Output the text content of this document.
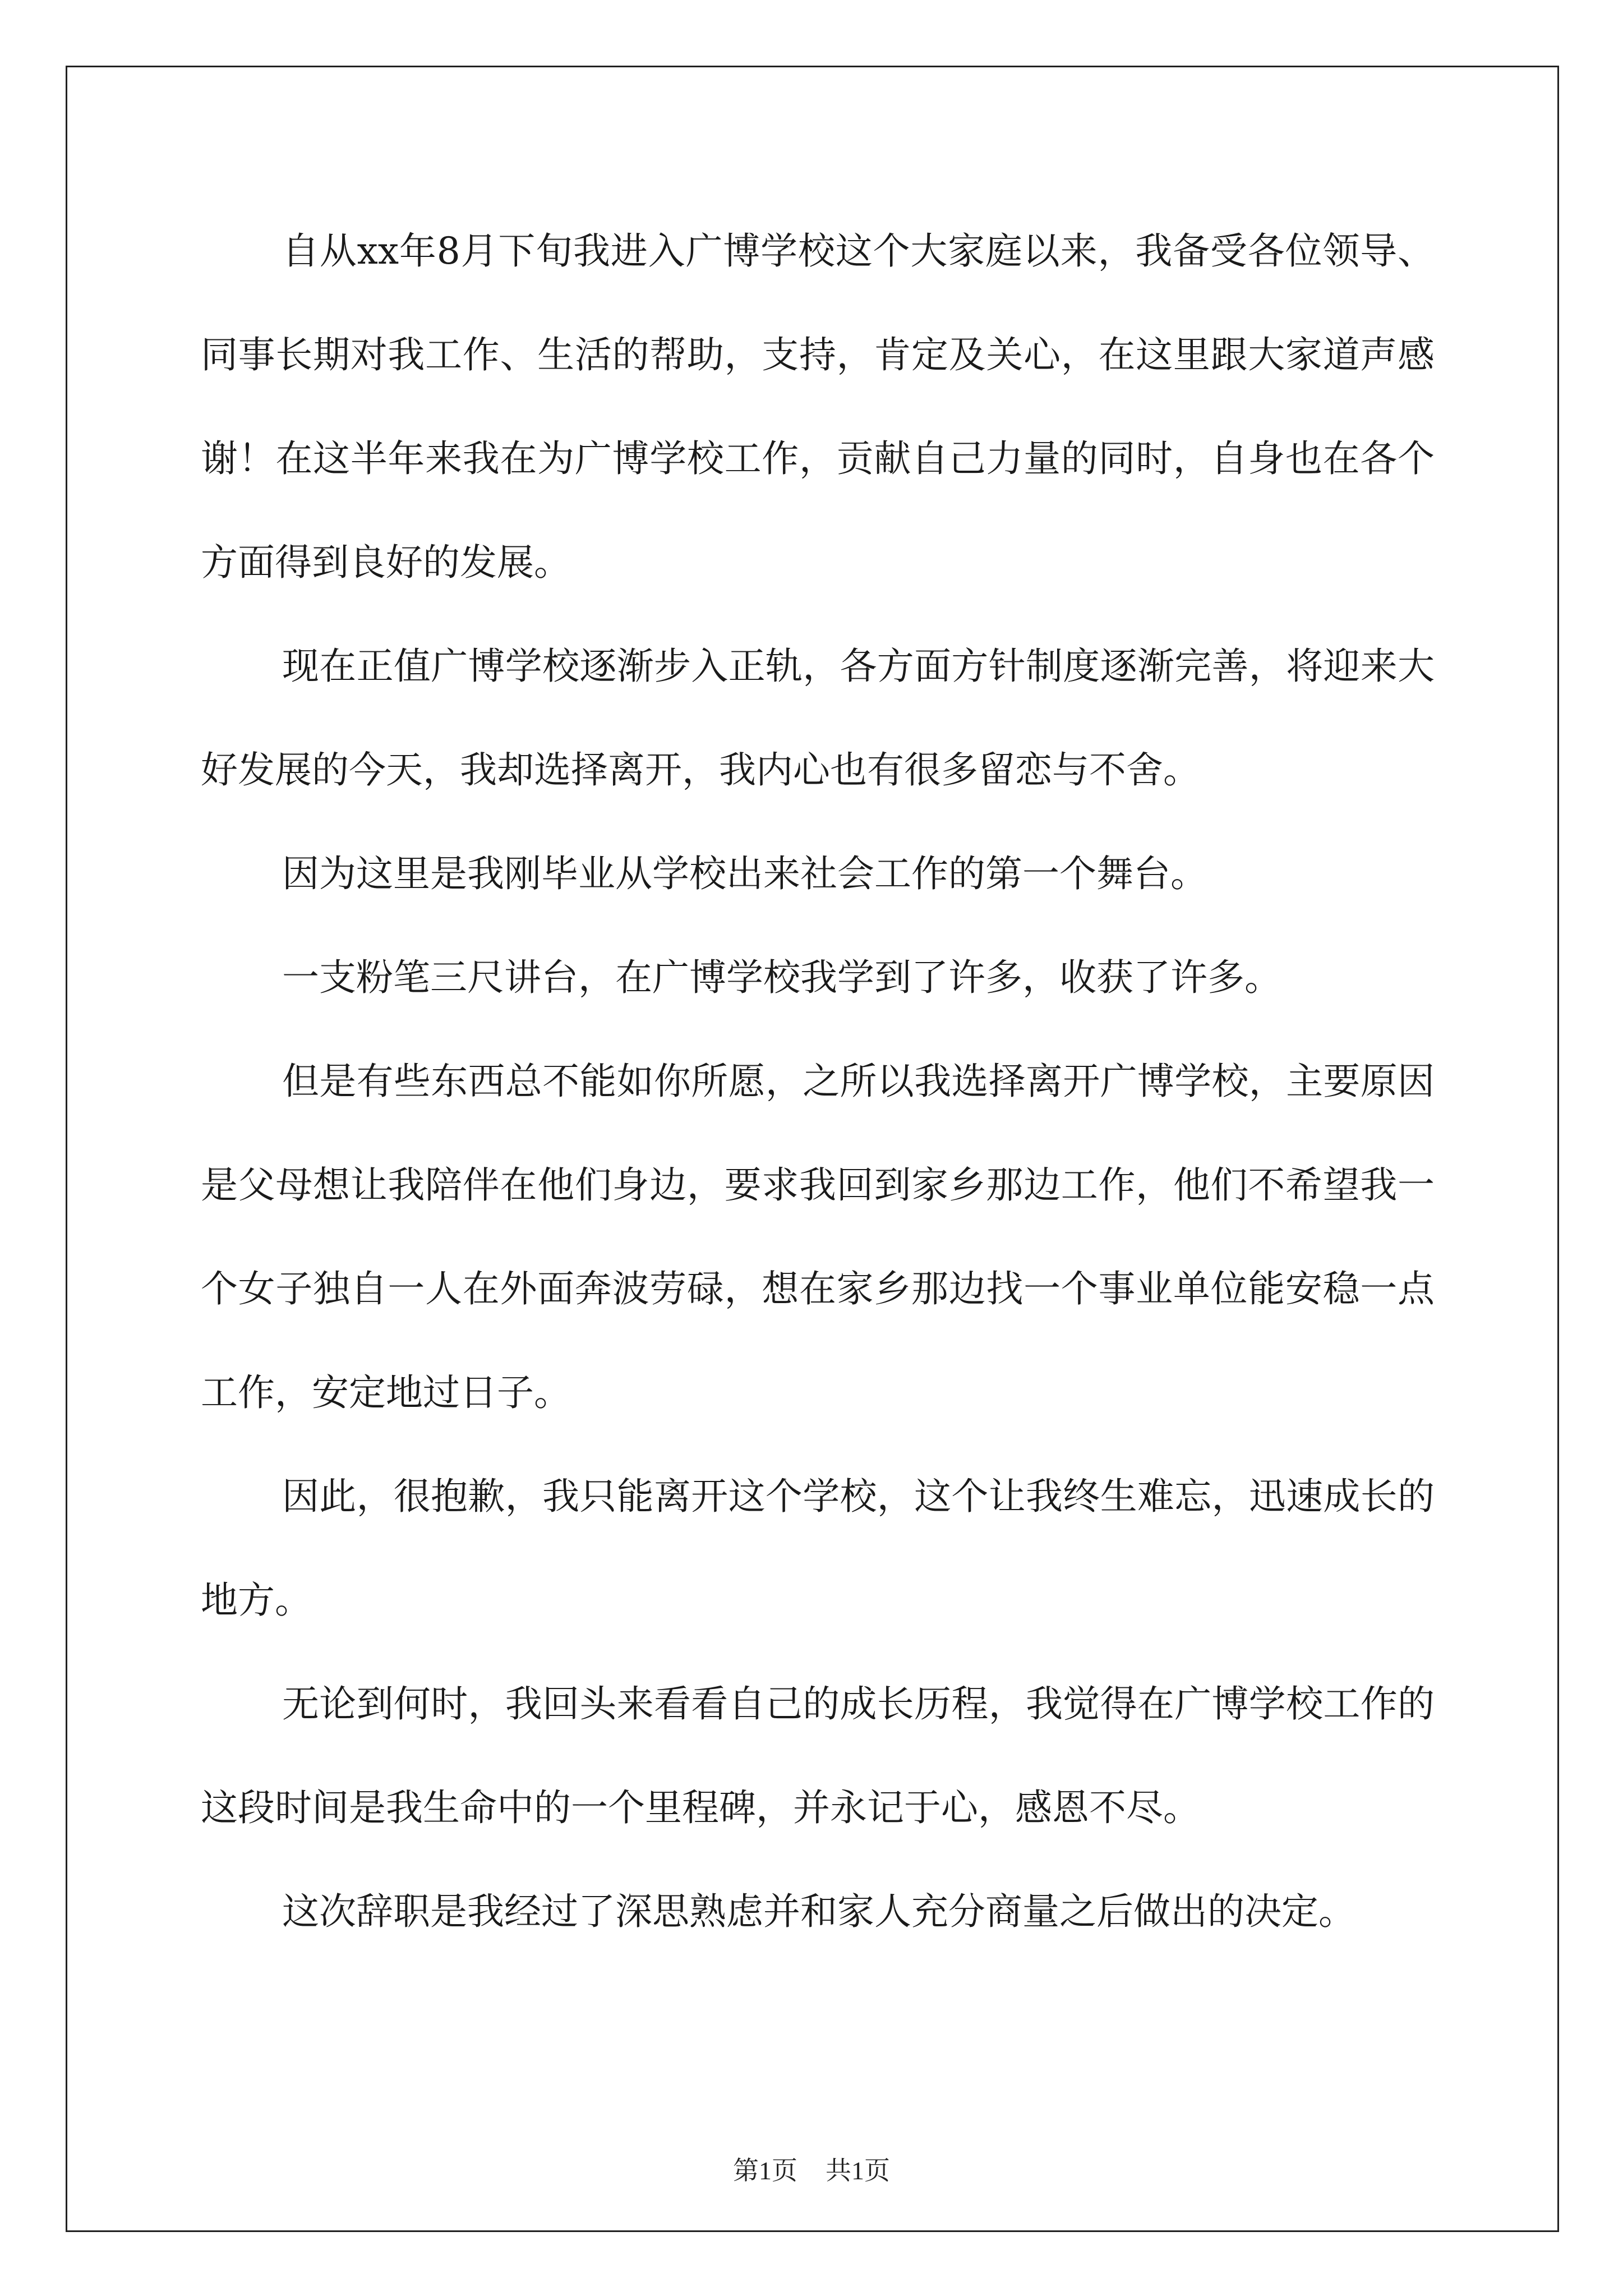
自从xx年8月下旬我进入广博学校这个大家庭以来，我备受各位领导、同事长期对我工作、生活的帮助，支持，肯定及关心，在这里跟大家道声感谢！在这半年来我在为广博学校工作，贡献自己力量的同时，自身也在各个方面得到良好的发展。

现在正值广博学校逐渐步入正轨，各方面方针制度逐渐完善，将迎来大好发展的今天，我却选择离开，我内心也有很多留恋与不舍。

因为这里是我刚毕业从学校出来社会工作的第一个舞台。

一支粉笔三尺讲台，在广博学校我学到了许多，收获了许多。

但是有些东西总不能如你所愿，之所以我选择离开广博学校，主要原因是父母想让我陪伴在他们身边，要求我回到家乡那边工作，他们不希望我一个女子独自一人在外面奔波劳碌，想在家乡那边找一个事业单位能安稳一点工作，安定地过日子。

因此，很抱歉，我只能离开这个学校，这个让我终生难忘，迅速成长的地方。

无论到何时，我回头来看看自己的成长历程，我觉得在广博学校工作的这段时间是我生命中的一个里程碑，并永记于心，感恩不尽。

这次辞职是我经过了深思熟虑并和家人充分商量之后做出的决定。

第1页 共1页
